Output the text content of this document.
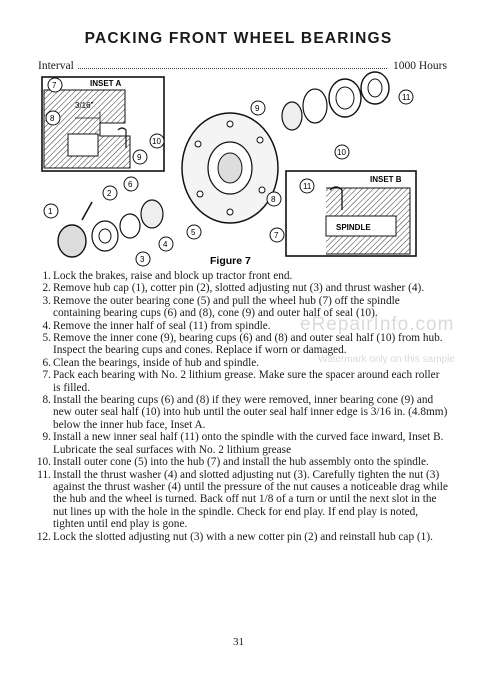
PACKING FRONT WHEEL BEARINGS
Interval	1000 Hours
INSET A
3/16"
INSET B
SPINDLE
7
8
10
9
9
10
11
11
8
7
6
2
5
4
3
1
Figure 7
1. Lock the brakes, raise and block up tractor front end.
2. Remove hub cap (1), cotter pin (2), slotted adjusting nut (3) and thrust washer (4).
3. Remove the outer bearing cone (5) and pull the wheel hub (7) off the spindle containing bearing cups (6) and (8), cone (9) and outer half of seal (10).
4. Remove the inner half of seal (11) from spindle.
5. Remove the inner cone (9), bearing cups (6) and (8) and outer seal half (10) from hub. Inspect the bearing cups and cones. Replace if worn or damaged.
6. Clean the bearings, inside of hub and spindle.
7. Pack each bearing with No. 2 lithium grease. Make sure the spacer around each roller is filled.
8. Install the bearing cups (6) and (8) if they were removed, inner bearing cone (9) and new outer seal half (10) into hub until the outer seal half inner edge is 3/16 in. (4.8mm) below the inner hub face, Inset A.
9. Install a new inner seal half (11) onto the spindle with the curved face inward, Inset B. Lubricate the seal surfaces with No. 2 lithium grease
10. Install outer cone (5) into the hub (7) and install the hub assembly onto the spindle.
11. Install the thrust washer (4) and slotted adjusting nut (3). Carefully tighten the nut (3) against the thrust washer (4) until the pressure of the nut causes a noticeable drag while the hub and the wheel is turned. Back off nut 1/8 of a turn or until the next slot in the nut lines up with the hole in the spindle. Check for end play. If end play is noted, tighten until end play is gone.
12. Lock the slotted adjusting nut (3) with a new cotter pin (2) and reinstall hub cap (1).
eRepairInfo.com
Watermark only on this sample
31
